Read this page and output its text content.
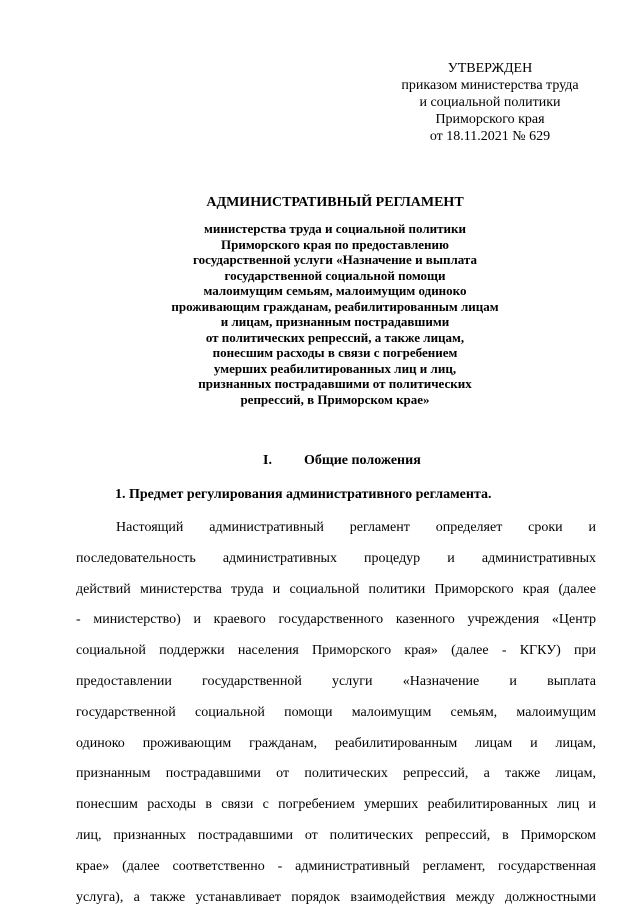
УТВЕРЖДЕН
приказом министерства труда
и социальной политики
Приморского края
от 18.11.2021 № 629
АДМИНИСТРАТИВНЫЙ РЕГЛАМЕНТ
министерства труда и социальной политики
Приморского края по предоставлению
государственной услуги «Назначение и выплата
государственной социальной помощи
малоимущим семьям, малоимущим одиноко
проживающим гражданам, реабилитированным лицам
и лицам, признанным пострадавшими
от политических репрессий, а также лицам,
понесшим расходы в связи с погребением
умерших реабилитированных лиц и лиц,
признанных пострадавшими от политических
репрессий, в Приморском крае»
I. Общие положения
1. Предмет регулирования административного регламента.
Настоящий административный регламент определяет сроки и
последовательность административных процедур и административных
действий министерства труда и социальной политики Приморского края (далее
- министерство) и краевого государственного казенного учреждения «Центр
социальной поддержки населения Приморского края» (далее - КГКУ) при
предоставлении государственной услуги «Назначение и выплата
государственной социальной помощи малоимущим семьям, малоимущим
одиноко проживающим гражданам, реабилитированным лицам и лицам,
признанным пострадавшими от политических репрессий, а также лицам,
понесшим расходы в связи с погребением умерших реабилитированных лиц и
лиц, признанных пострадавшими от политических репрессий, в Приморском
крае» (далее соответственно - административный регламент, государственная
услуга), а также устанавливает порядок взаимодействия между должностными
